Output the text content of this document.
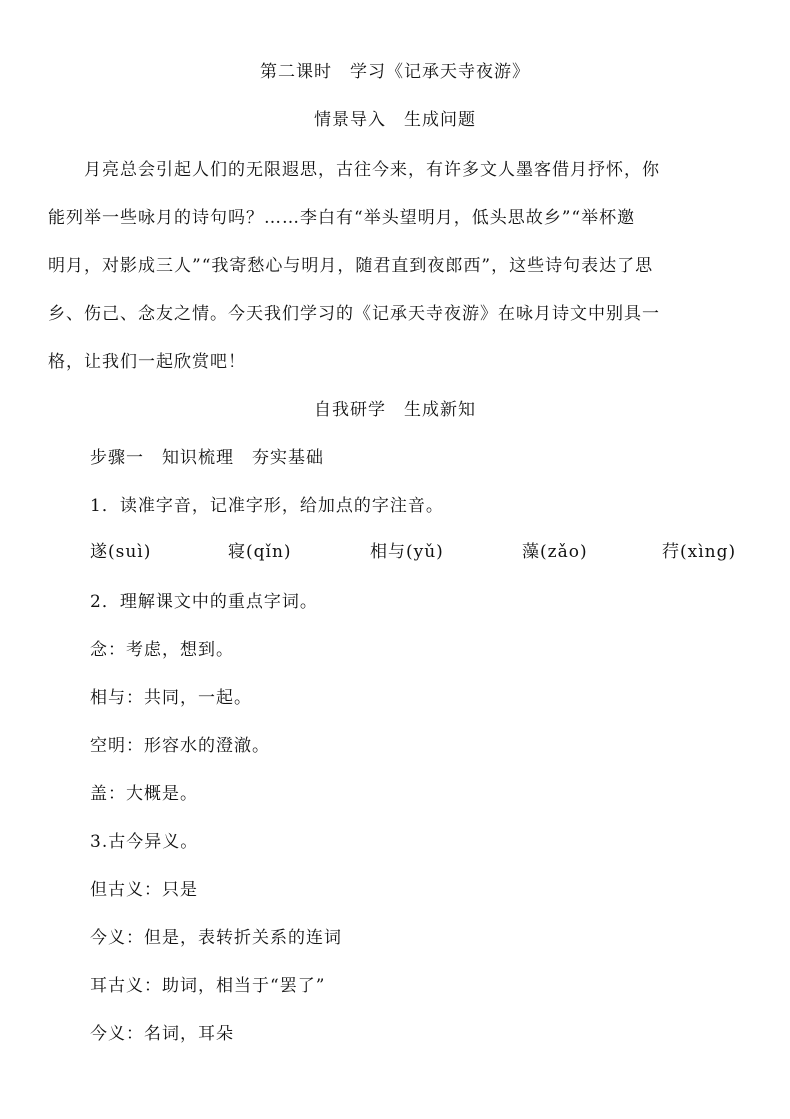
第二课时　学习《记承天寺夜游》
情景导入　生成问题
　　月亮总会引起人们的无限遐思，古往今来，有许多文人墨客借月抒怀，你
能列举一些咏月的诗句吗？……李白有“举头望明月，低头思故乡”“举杯邀
明月，对影成三人”“我寄愁心与明月，随君直到夜郎西”，这些诗句表达了思
乡、伤己、念友之情。今天我们学习的《记承天寺夜游》在咏月诗文中别具一
格，让我们一起欣赏吧！
自我研学　生成新知
步骤一　知识梳理　夯实基础
1．读准字音，记准字形，给加点的字注音。
遂(suì)	寝(qǐn)	相与(yǔ)	藻(zǎo)	荇(xìng)
2．理解课文中的重点字词。
念：考虑，想到。
相与：共同，一起。
空明：形容水的澄澈。
盖：大概是。
3.古今异义。
但古义：只是
今义：但是，表转折关系的连词
耳古义：助词，相当于“罢了”
今义：名词，耳朵
